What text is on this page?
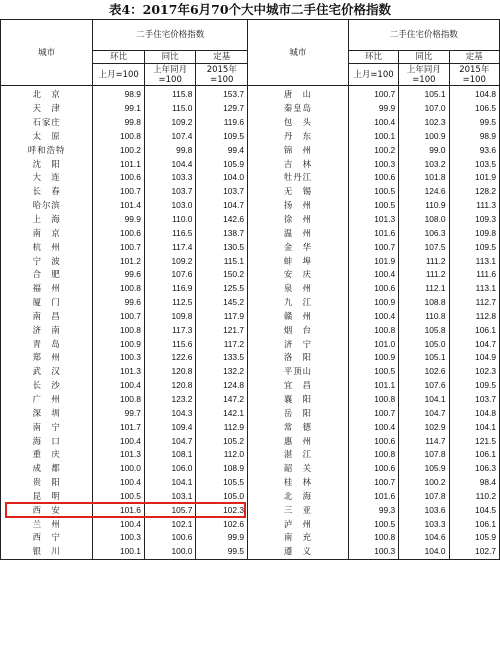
表4：2017年6月70个大中城市二手住宅价格指数
城市	二手住宅价格指数			城市	二手住宅价格指数		
	环比	同比	定基		环比	同比	定基
	上月=100	上年同月=100	2015年=100		上月=100	上年同月=100	2015年=100
北　京	98.9	115.8	153.7	唐　山	100.7	105.1	104.8
天　津	99.1	115.0	129.7	秦皇岛	99.9	107.0	106.5
石家庄	99.8	109.2	119.6	包　头	100.4	102.3	99.5
太　原	100.8	107.4	109.5	丹　东	100.1	100.9	98.9
呼和浩特	100.2	99.8	99.4	锦　州	100.2	99.0	93.6
沈　阳	101.1	104.4	105.9	吉　林	100.3	103.2	103.5
大　连	100.6	103.3	104.0	牡丹江	100.6	101.8	101.9
长　春	100.7	103.7	103.7	无　锡	100.5	124.6	128.2
哈尔滨	101.4	103.0	104.7	扬　州	100.5	110.9	111.3
上　海	99.9	110.0	142.6	徐　州	101.3	108.0	109.3
南　京	100.6	116.5	138.7	温　州	101.6	106.3	109.8
杭　州	100.7	117.4	130.5	金　华	100.7	107.5	109.5
宁　波	101.2	109.2	115.1	蚌　埠	101.9	111.2	113.1
合　肥	99.6	107.6	150.2	安　庆	100.4	111.2	111.6
福　州	100.8	116.9	125.5	泉　州	100.6	112.1	113.1
厦　门	99.6	112.5	145.2	九　江	100.9	108.8	112.7
南　昌	100.7	109.8	117.9	赣　州	100.4	110.8	112.8
济　南	100.8	117.3	121.7	烟　台	100.8	105.8	106.1
青　岛	100.9	115.6	117.2	济　宁	101.0	105.0	104.7
郑　州	100.3	122.6	133.5	洛　阳	100.9	105.1	104.9
武　汉	101.3	120.8	132.2	平顶山	100.5	102.6	102.3
长　沙	100.4	120.8	124.8	宜　昌	101.1	107.6	109.5
广　州	100.8	123.2	147.2	襄　阳	100.8	104.1	103.7
深　圳	99.7	104.3	142.1	岳　阳	100.7	104.7	104.8
南　宁	101.7	109.4	112.9	常　德	100.4	102.9	104.1
海　口	100.4	104.7	105.2	惠　州	100.6	114.7	121.5
重　庆	101.3	108.1	112.0	湛　江	100.8	107.8	106.1
成　都	100.0	106.0	108.9	韶　关	100.6	105.9	106.3
贵　阳	100.4	104.1	105.5	桂　林	100.7	100.2	98.4
昆　明	100.5	103.1	105.0	北　海	101.6	107.8	110.2
西　安	101.6	105.7	102.3	三　亚	99.3	103.6	104.5
兰　州	100.4	102.1	102.6	泸　州	100.5	103.3	106.1
西　宁	100.3	100.6	99.9	南　充	100.8	104.6	105.9
银　川	100.1	100.0	99.5	遵　义	100.3	104.0	102.7
